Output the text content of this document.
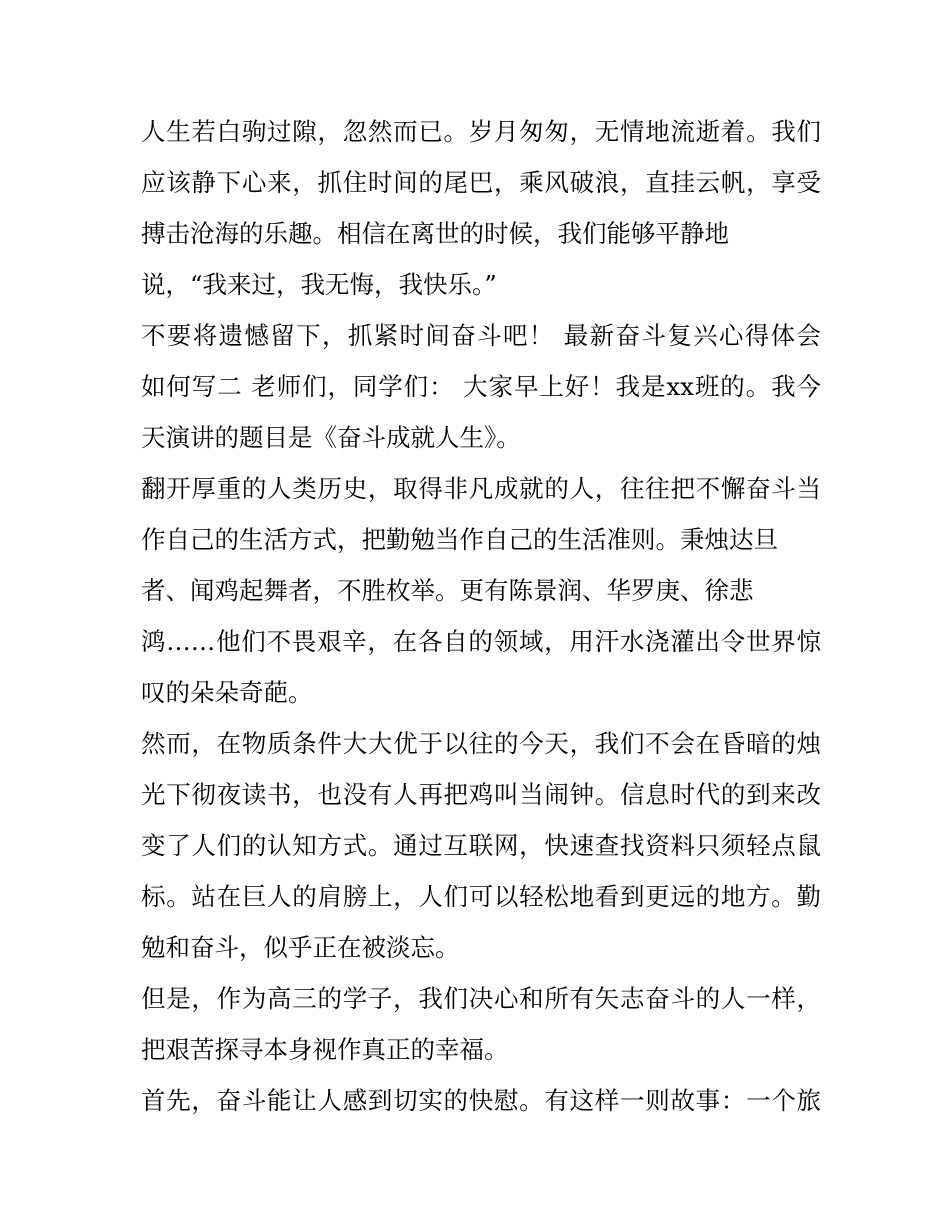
人生若白驹过隙，忽然而已。岁月匆匆，无情地流逝着。我们
应该静下心来，抓住时间的尾巴，乘风破浪，直挂云帆，享受
搏击沧海的乐趣。相信在离世的时候，我们能够平静地
说，“我来过，我无悔，我快乐。”
不要将遗憾留下，抓紧时间奋斗吧！ 最新奋斗复兴心得体会
如何写二 老师们，同学们： 大家早上好！我是xx班的。我今
天演讲的题目是《奋斗成就人生》。
翻开厚重的人类历史，取得非凡成就的人，往往把不懈奋斗当
作自己的生活方式，把勤勉当作自己的生活准则。秉烛达旦
者、闻鸡起舞者，不胜枚举。更有陈景润、华罗庚、徐悲
鸿……他们不畏艰辛，在各自的领域，用汗水浇灌出令世界惊
叹的朵朵奇葩。
然而，在物质条件大大优于以往的今天，我们不会在昏暗的烛
光下彻夜读书，也没有人再把鸡叫当闹钟。信息时代的到来改
变了人们的认知方式。通过互联网，快速查找资料只须轻点鼠
标。站在巨人的肩膀上，人们可以轻松地看到更远的地方。勤
勉和奋斗，似乎正在被淡忘。
但是，作为高三的学子，我们决心和所有矢志奋斗的人一样，
把艰苦探寻本身视作真正的幸福。
首先，奋斗能让人感到切实的快慰。有这样一则故事：一个旅
